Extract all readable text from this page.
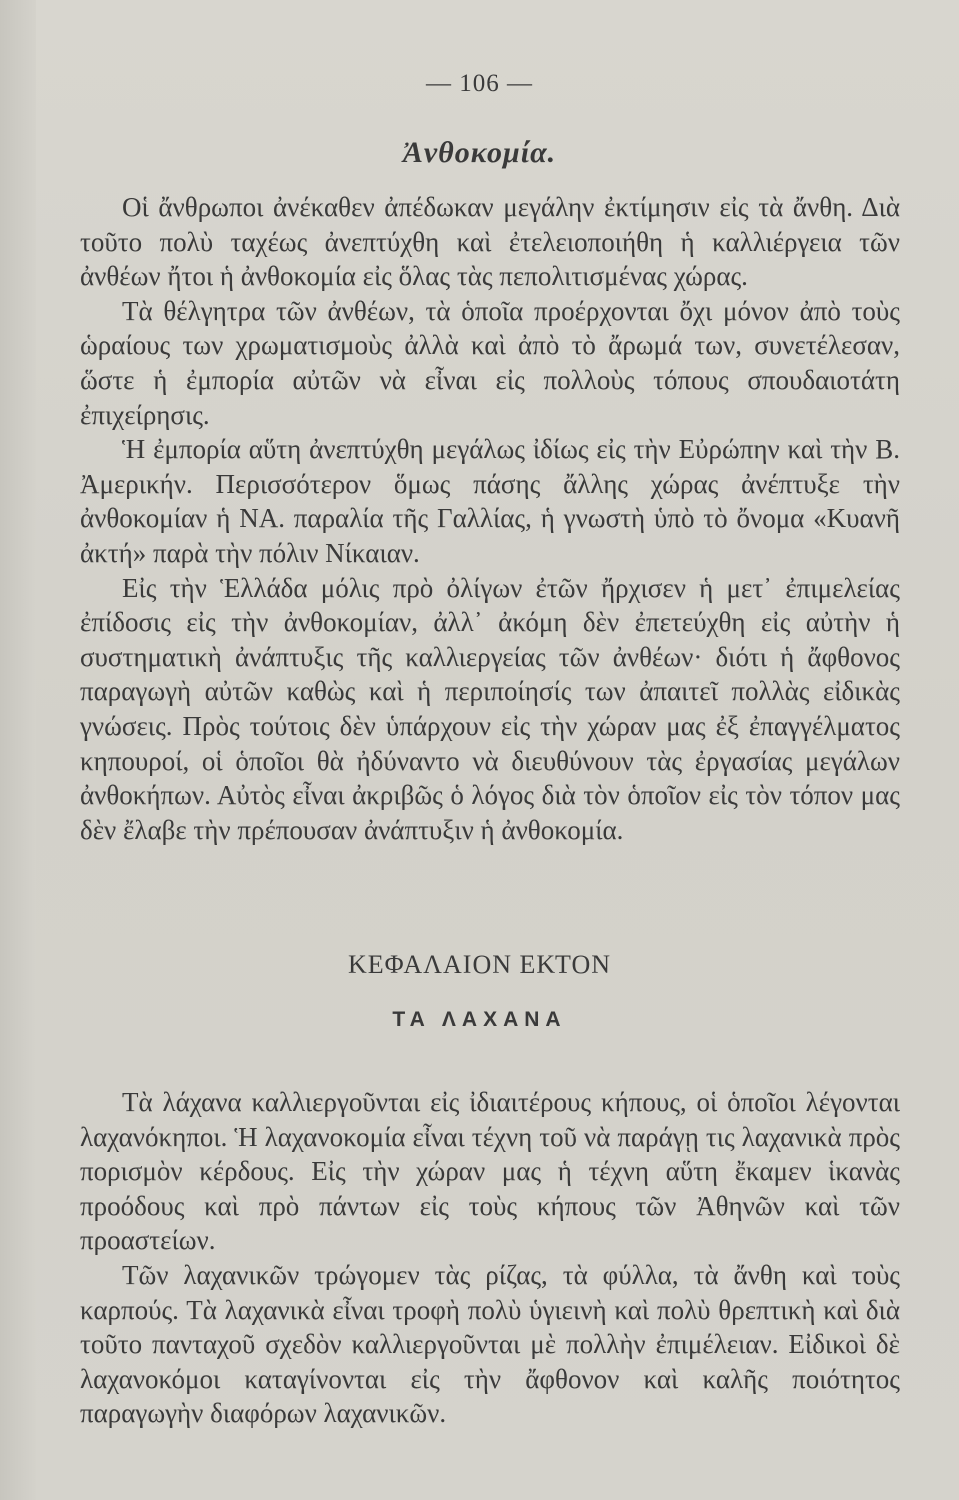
— 106 —
Ἀνθοκομία.

Οἱ ἄνθρωποι ἀνέκαθεν ἀπέδωκαν μεγάλην ἐκτίμησιν εἰς τὰ ἄνθη. Διὰ τοῦτο πολὺ ταχέως ἀνεπτύχθη καὶ ἐτελειοποιήθη ἡ καλλιέργεια τῶν ἀνθέων ἤτοι ἡ ἀνθοκομία εἰς ὅλας τὰς πεπολιτισμένας χώρας.

Τὰ θέλγητρα τῶν ἀνθέων, τὰ ὁποῖα προέρχονται ὄχι μόνον ἀπὸ τοὺς ὡραίους των χρωματισμοὺς ἀλλὰ καὶ ἀπὸ τὸ ἄρωμά των, συνετέλεσαν, ὥστε ἡ ἐμπορία αὐτῶν νὰ εἶναι εἰς πολλοὺς τόπους σπουδαιοτάτη ἐπιχείρησις.

Ἡ ἐμπορία αὕτη ἀνεπτύχθη μεγάλως ἰδίως εἰς τὴν Εὐρώπην καὶ τὴν Β. Ἀμερικήν. Περισσότερον ὅμως πάσης ἄλλης χώρας ἀνέπτυξε τὴν ἀνθοκομίαν ἡ ΝΑ. παραλία τῆς Γαλλίας, ἡ γνωστὴ ὑπὸ τὸ ὄνομα «Κυανῆ ἀκτή» παρὰ τὴν πόλιν Νίκαιαν.

Εἰς τὴν Ἑλλάδα μόλις πρὸ ὀλίγων ἐτῶν ἤρχισεν ἡ μετ᾽ ἐπιμελείας ἐπίδοσις εἰς τὴν ἀνθοκομίαν, ἀλλ᾽ ἀκόμη δὲν ἐπετεύχθη εἰς αὐτὴν ἡ συστηματικὴ ἀνάπτυξις τῆς καλλιεργείας τῶν ἀνθέων· διότι ἡ ἄφθονος παραγωγὴ αὐτῶν καθὼς καὶ ἡ περιποίησίς των ἀπαιτεῖ πολλὰς εἰδικὰς γνώσεις. Πρὸς τούτοις δὲν ὑπάρχουν εἰς τὴν χώραν μας ἐξ ἐπαγγέλματος κηπουροί, οἱ ὁποῖοι θὰ ἠδύναντο νὰ διευθύνουν τὰς ἐργασίας μεγάλων ἀνθοκήπων. Αὐτὸς εἶναι ἀκριβῶς ὁ λόγος διὰ τὸν ὁποῖον εἰς τὸν τόπον μας δὲν ἔλαβε τὴν πρέπουσαν ἀνάπτυξιν ἡ ἀνθοκομία.

ΚΕΦΑΛΑΙΟΝ ΕΚΤΟΝ
ΤΑ ΛΑΧΑΝΑ

Τὰ λάχανα καλλιεργοῦνται εἰς ἰδιαιτέρους κήπους, οἱ ὁποῖοι λέγονται λαχανόκηποι. Ἡ λαχανοκομία εἶναι τέχνη τοῦ νὰ παράγῃ τις λαχανικὰ πρὸς πορισμὸν κέρδους. Εἰς τὴν χώραν μας ἡ τέχνη αὕτη ἔκαμεν ἱκανὰς προόδους καὶ πρὸ πάντων εἰς τοὺς κήπους τῶν Ἀθηνῶν καὶ τῶν προαστείων.

Τῶν λαχανικῶν τρώγομεν τὰς ρίζας, τὰ φύλλα, τὰ ἄνθη καὶ τοὺς καρπούς. Τὰ λαχανικὰ εἶναι τροφὴ πολὺ ὑγιεινὴ καὶ πολὺ θρεπτικὴ καὶ διὰ τοῦτο πανταχοῦ σχεδὸν καλλιεργοῦνται μὲ πολλὴν ἐπιμέλειαν. Εἰδικοὶ δὲ λαχανοκόμοι καταγίνονται εἰς τὴν ἄφθονον καὶ καλῆς ποιότητος παραγωγὴν διαφόρων λαχανικῶν.
